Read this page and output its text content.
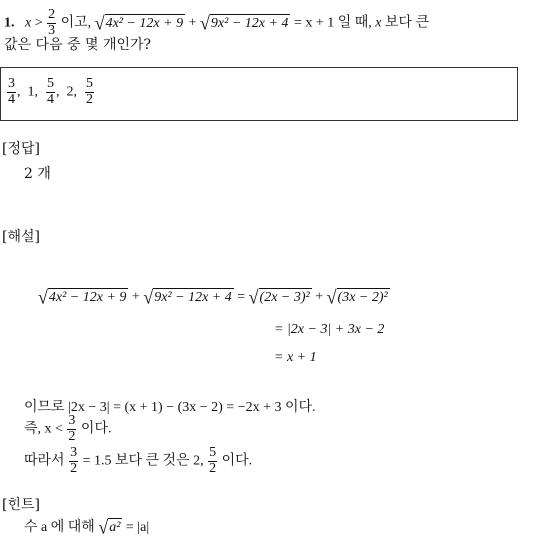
1. $x > \frac{2}{3}$ 이고, √ 4x² − 12x + 9 + √ 9x² − 12x + 4 = x + 1 일 때, x 보다 큰
값은 다음 중 몇 개인가?
$\frac{3}{4}$ , 1, $\frac{5}{4}$ , 2, $\frac{5}{2}$
[정답]
2 개
[해설]
√ 4x² − 12x + 9 + √ 9x² − 12x + 4 = √ (2x − 3)² + √ (3x − 2)²
= |2x − 3| + 3x − 2
= x + 1
이므로 |2x − 3| = (x + 1) − (3x − 2) = −2x + 3 이다.
즉, $x < \frac{3}{2}$ 이다.
따라서 $\frac{3}{2} = 1.5$ 보다 큰 것은 2, $\frac{5}{2}$ 이다.
[힌트]
수 a 에 대해 √ a² = |a|
